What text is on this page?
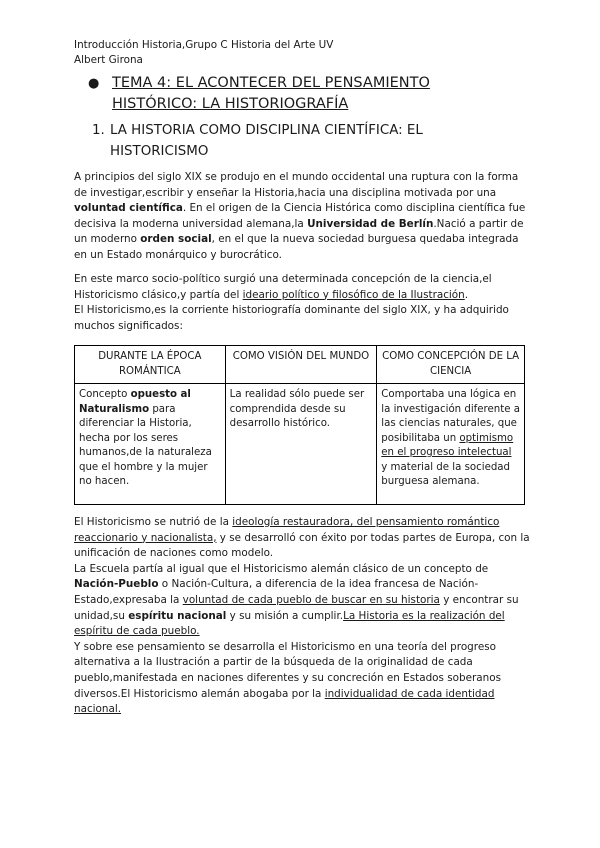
Introducción Historia,Grupo C Historia del Arte UV
Albert Girona
● TEMA 4: EL ACONTECER DEL PENSAMIENTO HISTÓRICO: LA HISTORIOGRAFÍA
1. LA HISTORIA COMO DISCIPLINA CIENTÍFICA: EL HISTORICISMO

A principios del siglo XIX se produjo en el mundo occidental una ruptura con la forma de investigar,escribir y enseñar la Historia,hacia una disciplina motivada por una voluntad científica. En el origen de la Ciencia Histórica como disciplina científica fue decisiva la moderna universidad alemana,la Universidad de Berlín.Nació a partir de un moderno orden social, en el que la nueva sociedad burguesa quedaba integrada en un Estado monárquico y burocrático.

En este marco socio-político surgió una determinada concepción de la ciencia,el Historicismo clásico,y partía del ideario político y filosófico de la Ilustración.
El Historicismo,es la corriente historiografía dominante del siglo XIX, y ha adquirido muchos significados:

DURANTE LA ÉPOCA ROMÁNTICA	COMO VISIÓN DEL MUNDO	COMO CONCEPCIÓN DE LA CIENCIA
Concepto opuesto al Naturalismo para diferenciar la Historia, hecha por los seres humanos,de la naturaleza que el hombre y la mujer no hacen.	La realidad sólo puede ser comprendida desde su desarrollo histórico.	Comportaba una lógica en la investigación diferente a las ciencias naturales, que posibilitaba un optimismo en el progreso intelectual y material de la sociedad burguesa alemana.

El Historicismo se nutrió de la ideología restauradora, del pensamiento romántico reaccionario y nacionalista, y se desarrolló con éxito por todas partes de Europa, con la unificación de naciones como modelo.
La Escuela partía al igual que el Historicismo alemán clásico de un concepto de Nación-Pueblo o Nación-Cultura, a diferencia de la idea francesa de Nación-Estado,expresaba la voluntad de cada pueblo de buscar en su historia y encontrar su unidad,su espíritu nacional y su misión a cumplir.La Historia es la realización del espíritu de cada pueblo.
Y sobre ese pensamiento se desarrolla el Historicismo en una teoría del progreso alternativa a la Ilustración a partir de la búsqueda de la originalidad de cada pueblo,manifestada en naciones diferentes y su concreción en Estados soberanos diversos.El Historicismo alemán abogaba por la individualidad de cada identidad nacional.
